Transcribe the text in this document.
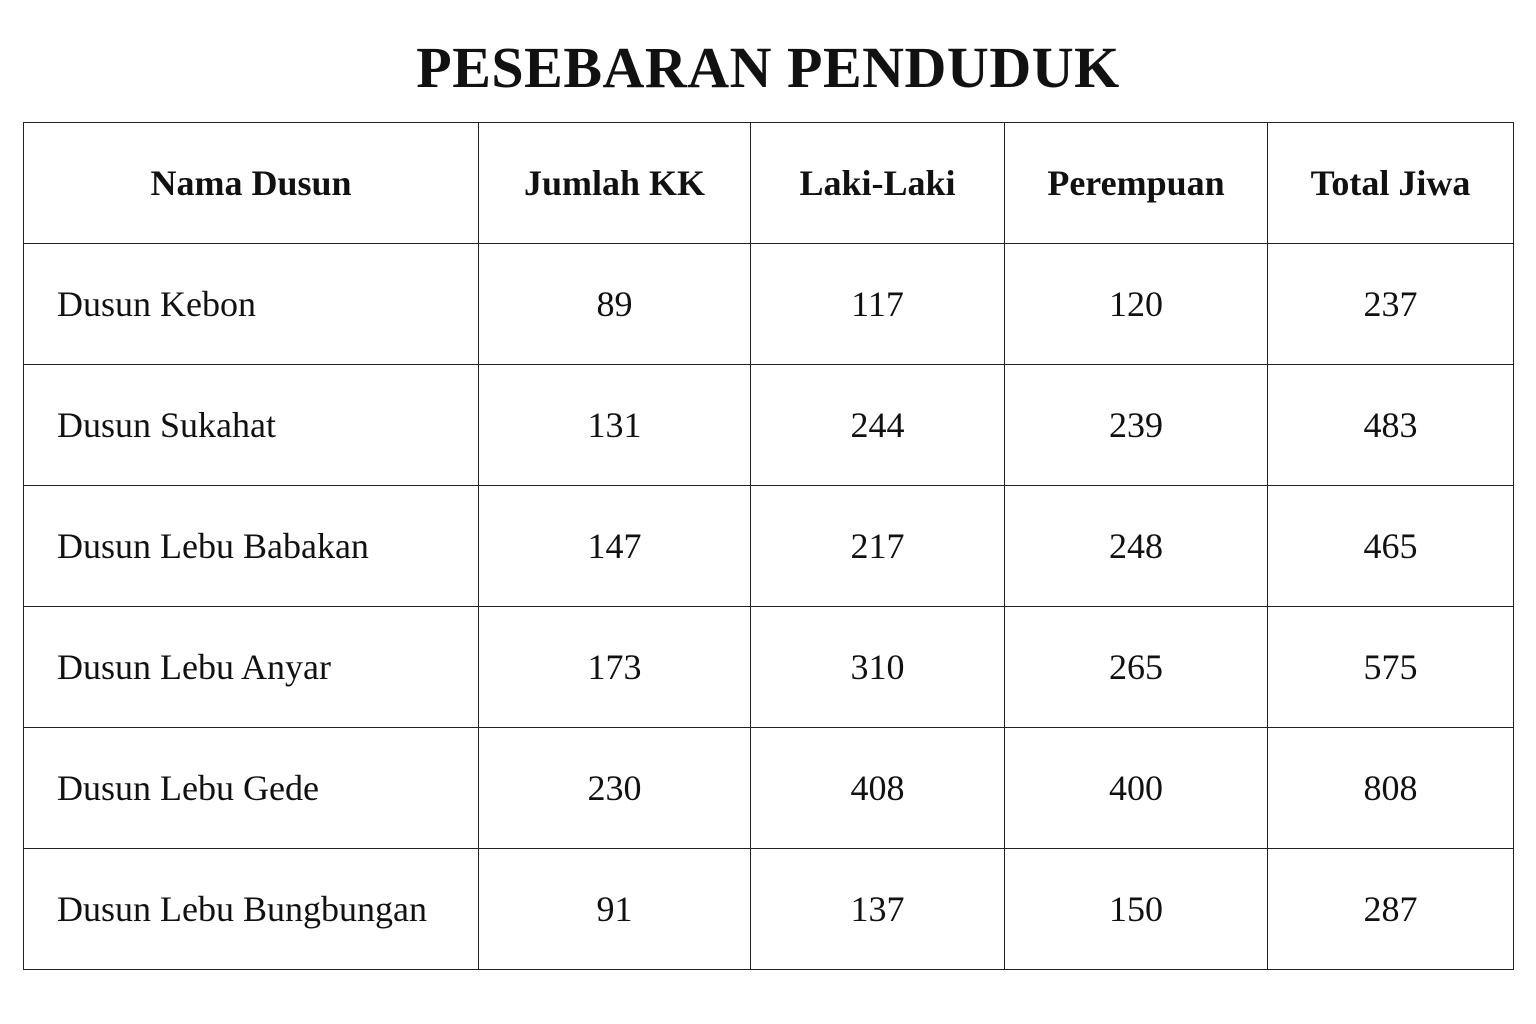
PESEBARAN PENDUDUK
Nama Dusun	Jumlah KK	Laki-Laki	Perempuan	Total Jiwa
Dusun Kebon	89	117	120	237
Dusun Sukahat	131	244	239	483
Dusun Lebu Babakan	147	217	248	465
Dusun Lebu Anyar	173	310	265	575
Dusun Lebu Gede	230	408	400	808
Dusun Lebu Bungbungan	91	137	150	287
